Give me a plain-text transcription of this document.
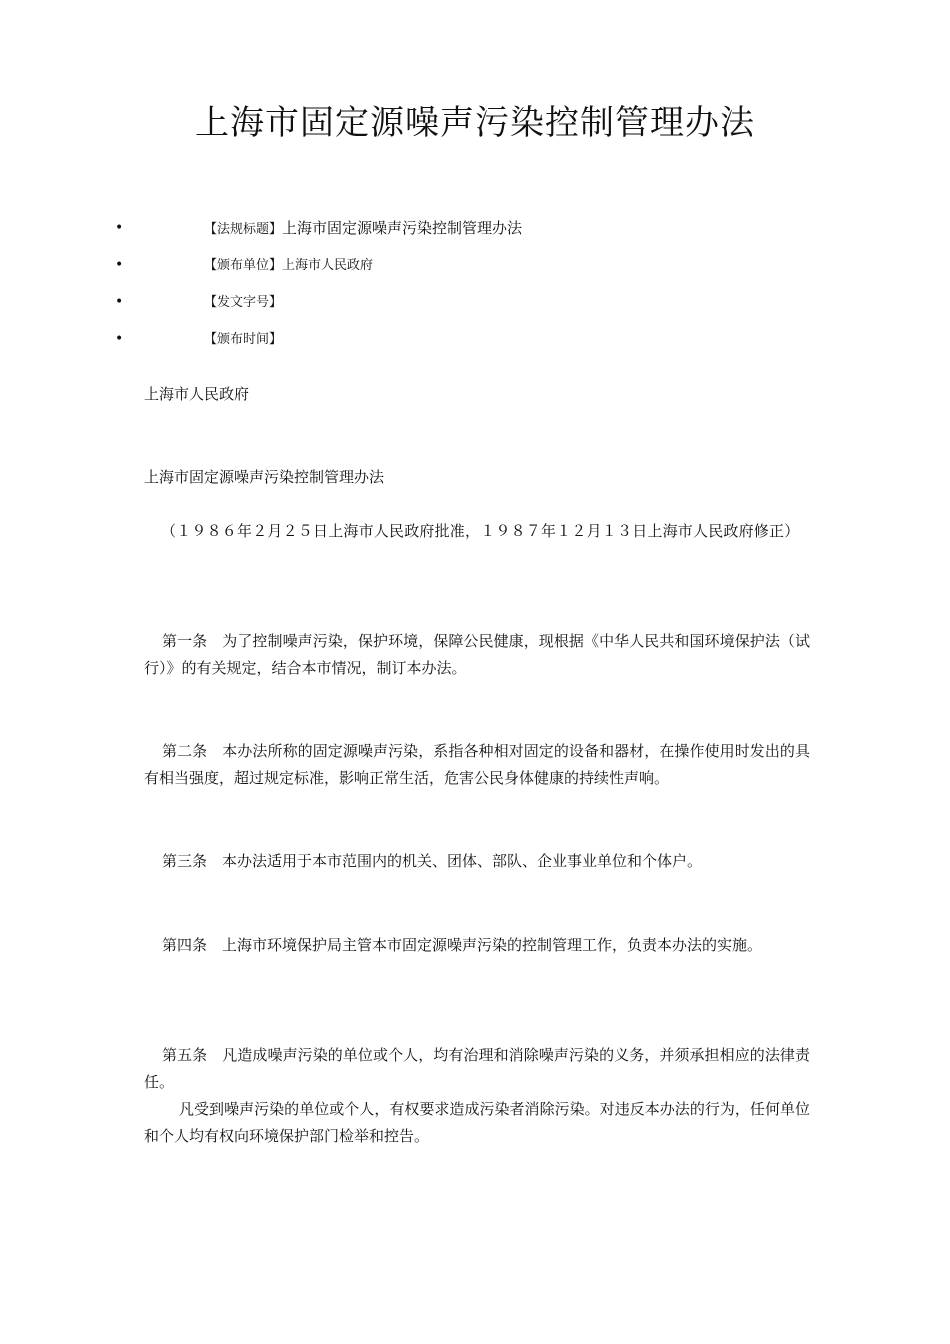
上海市固定源噪声污染控制管理办法
•	【法规标题】上海市固定源噪声污染控制管理办法
•	【颁布单位】上海市人民政府
•	【发文字号】
•	【颁布时间】

上海市人民政府

上海市固定源噪声污染控制管理办法

（１９８６年２月２５日上海市人民政府批准，１９８７年１２月１３日上海市人民政府修正）

第一条　为了控制噪声污染，保护环境，保障公民健康，现根据《中华人民共和国环境保护法（试行）》的有关规定，结合本市情况，制订本办法。

第二条　本办法所称的固定源噪声污染，系指各种相对固定的设备和器材，在操作使用时发出的具有相当强度，超过规定标准，影响正常生活，危害公民身体健康的持续性声响。

第三条　本办法适用于本市范围内的机关、团体、部队、企业事业单位和个体户。

第四条　上海市环境保护局主管本市固定源噪声污染的控制管理工作，负责本办法的实施。

第五条　凡造成噪声污染的单位或个人，均有治理和消除噪声污染的义务，并须承担相应的法律责任。

凡受到噪声污染的单位或个人，有权要求造成污染者消除污染。对违反本办法的行为，任何单位和个人均有权向环境保护部门检举和控告。
